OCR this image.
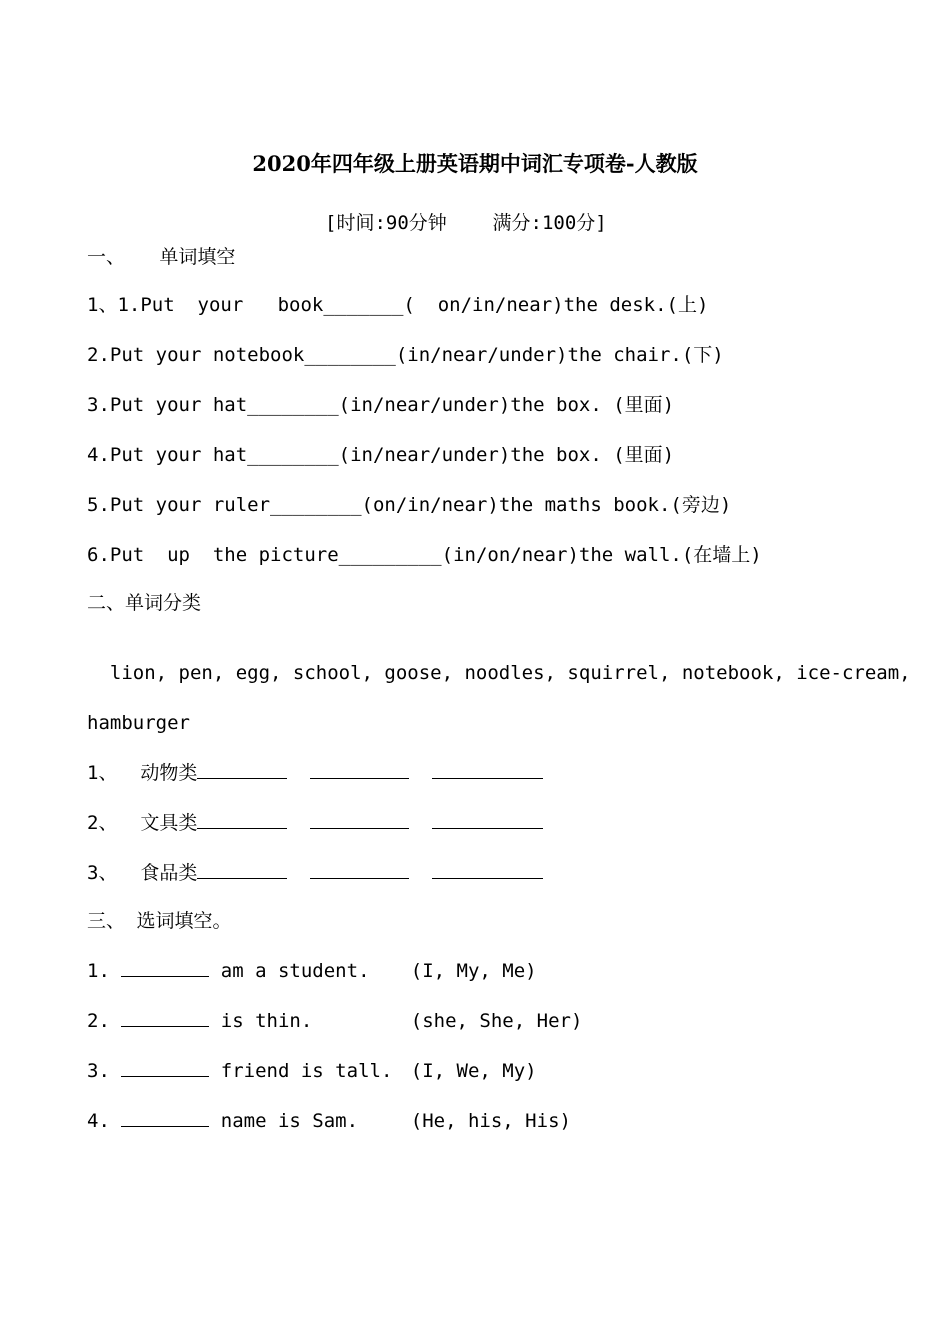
2020年四年级上册英语期中词汇专项卷-人教版
[时间:90分钟    满分:100分]
一、   单词填空
1、1.Put  your   book_______(  on/in/near)the desk.(上)
2.Put your notebook________(in/near/under)the chair.(下)
3.Put your hat________(in/near/under)the box. (里面)
4.Put your hat________(in/near/under)the box. (里面)
5.Put your ruler________(on/in/near)the maths book.(旁边)
6.Put  up  the picture_________(in/on/near)the wall.(在墙上)
二、单词分类
lion, pen, egg, school, goose, noodles, squirrel, notebook, ice-cream,
hamburger
1、  动物类
2、  文具类
3、  食品类
三、 选词填空。
1.	am a student. (I, My, Me)
2.	is thin.	(she, She, Her)
3.	friend is tall. (I, We, My)
4.	name is Sam.	(He, his, His)
